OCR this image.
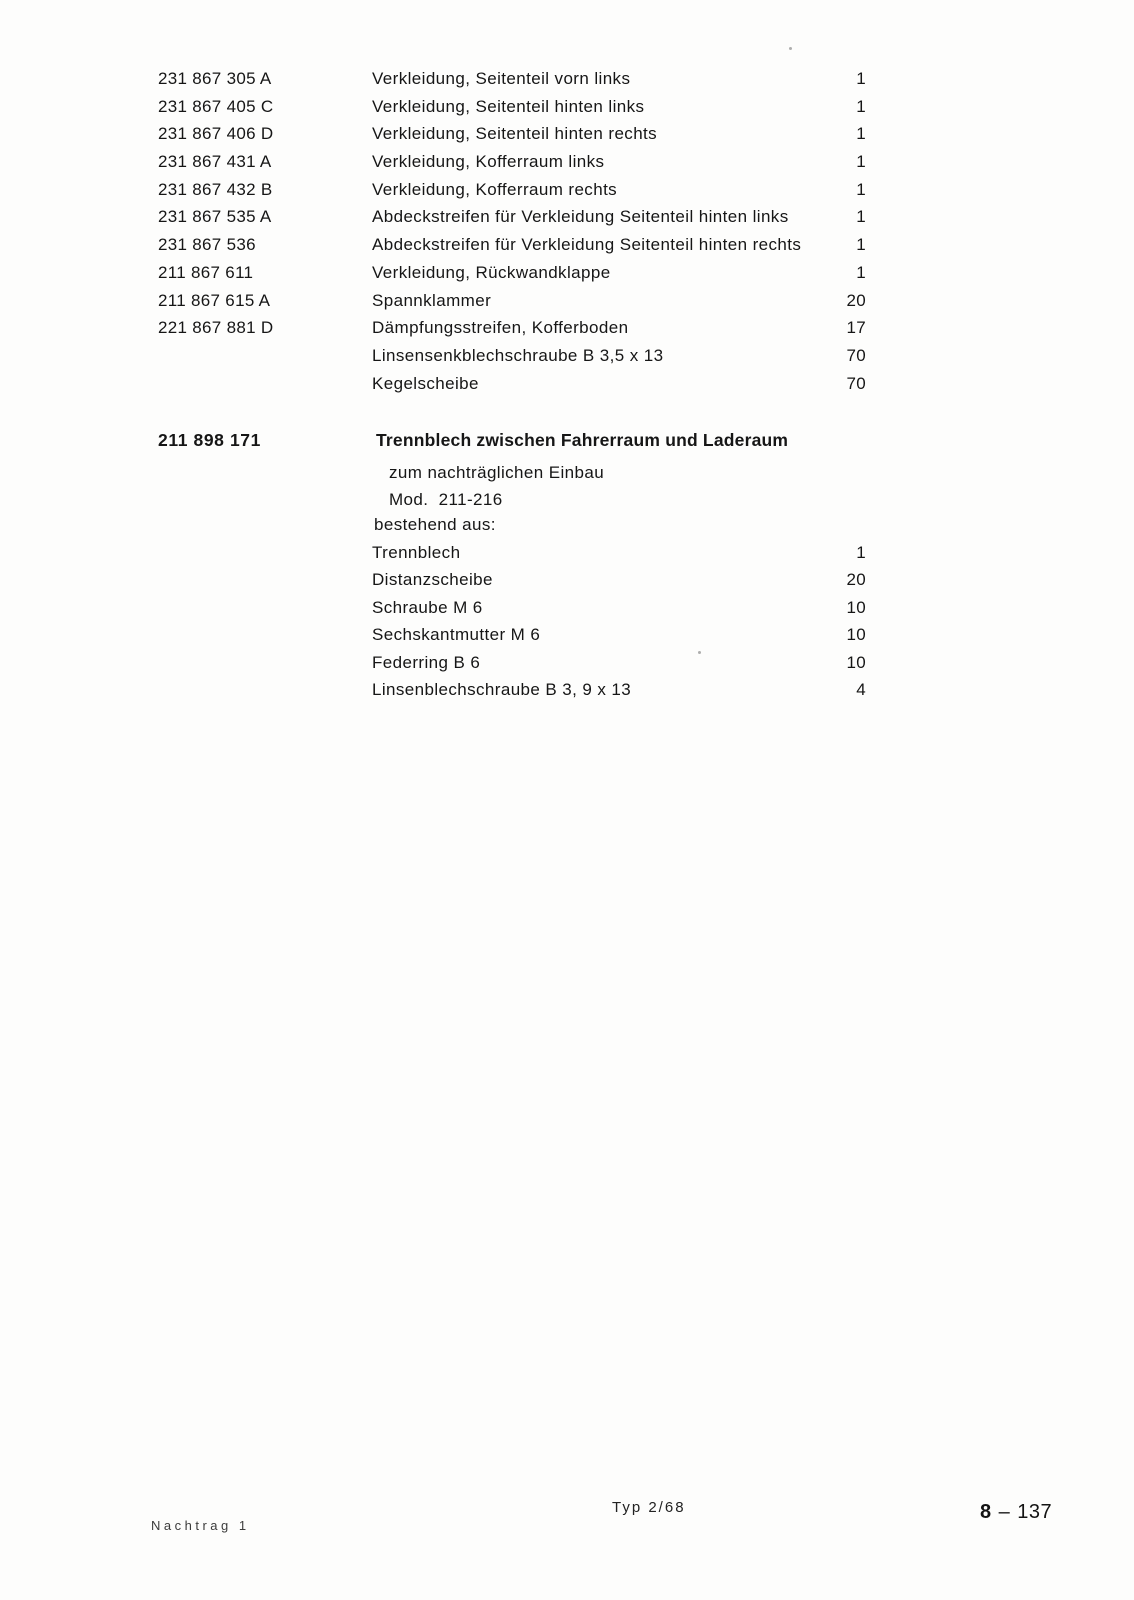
231 867 305 A	Verkleidung, Seitenteil vorn links	1
231 867 405 C	Verkleidung, Seitenteil hinten links	1
231 867 406 D	Verkleidung, Seitenteil hinten rechts	1
231 867 431 A	Verkleidung, Kofferraum links	1
231 867 432 B	Verkleidung, Kofferraum rechts	1
231 867 535 A	Abdeckstreifen für Verkleidung Seitenteil hinten links	1
231 867 536	Abdeckstreifen für Verkleidung Seitenteil hinten rechts	1
211 867 611	Verkleidung, Rückwandklappe	1
211 867 615 A	Spannklammer	20
221 867 881 D	Dämpfungsstreifen, Kofferboden	17
Linsensenkblechschraube B 3,5 x 13	70
Kegelscheibe	70
211 898 171	Trennblech zwischen Fahrerraum und Laderaum
zum nachträglichen Einbau
Mod.  211-216
bestehend aus:
Trennblech	1
Distanzscheibe	20
Schraube M 6	10
Sechskantmutter M 6	10
Federring B 6	10
Linsenblechschraube B 3, 9 x 13	4
Nachtrag 1
Typ 2/68	8 – 137
